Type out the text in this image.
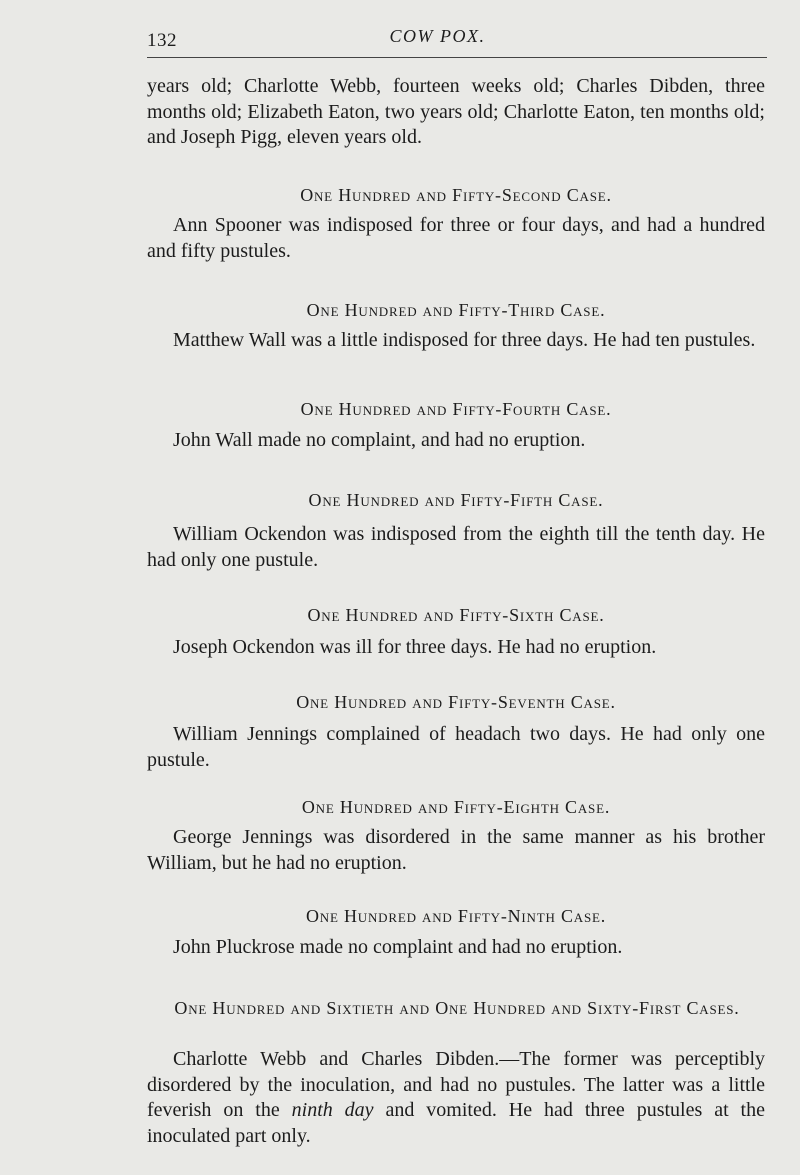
132	COW POX.
years old; Charlotte Webb, fourteen weeks old; Charles Dibden, three months old; Elizabeth Eaton, two years old; Charlotte Eaton, ten months old; and Joseph Pigg, eleven years old.
One Hundred and Fifty-Second Case.
Ann Spooner was indisposed for three or four days, and had a hundred and fifty pustules.
One Hundred and Fifty-Third Case.
Matthew Wall was a little indisposed for three days. He had ten pustules.
One Hundred and Fifty-Fourth Case.
John Wall made no complaint, and had no eruption.
One Hundred and Fifty-Fifth Case.
William Ockendon was indisposed from the eighth till the tenth day. He had only one pustule.
One Hundred and Fifty-Sixth Case.
Joseph Ockendon was ill for three days. He had no eruption.
One Hundred and Fifty-Seventh Case.
William Jennings complained of headach two days. He had only one pustule.
One Hundred and Fifty-Eighth Case.
George Jennings was disordered in the same manner as his brother William, but he had no eruption.
One Hundred and Fifty-Ninth Case.
John Pluckrose made no complaint and had no eruption.
One Hundred and Sixtieth and One Hundred and Sixty-First Cases.
Charlotte Webb and Charles Dibden.—The former was perceptibly disordered by the inoculation, and had no pustules. The latter was a little feverish on the ninth day and vomited. He had three pustules at the inoculated part only.
